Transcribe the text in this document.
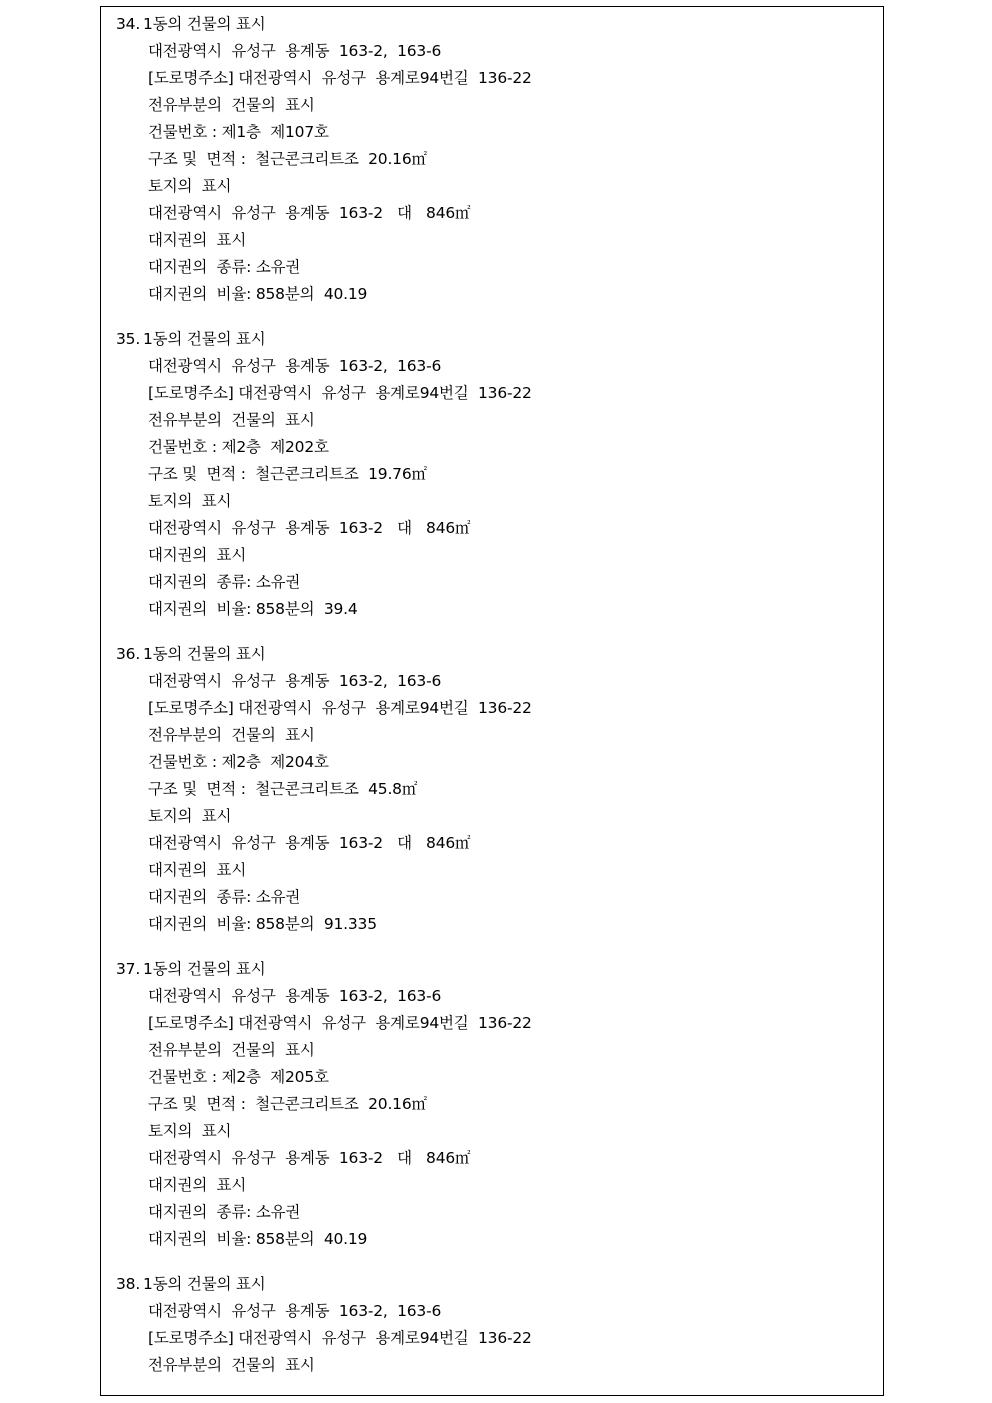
34. 1동의 건물의 표시
대전광역시  유성구  용계동  163-2,  163-6
[도로명주소] 대전광역시  유성구  용계로94번길  136-22
전유부분의  건물의  표시
건물번호 : 제1층  제107호
구조 및  면적 :  철근콘크리트조  20.16㎡
토지의  표시
대전광역시  유성구  용계동  163-2   대   846㎡
대지권의  표시
대지권의  종류: 소유권
대지권의  비율: 858분의  40.19
35. 1동의 건물의 표시
대전광역시  유성구  용계동  163-2,  163-6
[도로명주소] 대전광역시  유성구  용계로94번길  136-22
전유부분의  건물의  표시
건물번호 : 제2층  제202호
구조 및  면적 :  철근콘크리트조  19.76㎡
토지의  표시
대전광역시  유성구  용계동  163-2   대   846㎡
대지권의  표시
대지권의  종류: 소유권
대지권의  비율: 858분의  39.4
36. 1동의 건물의 표시
대전광역시  유성구  용계동  163-2,  163-6
[도로명주소] 대전광역시  유성구  용계로94번길  136-22
전유부분의  건물의  표시
건물번호 : 제2층  제204호
구조 및  면적 :  철근콘크리트조  45.8㎡
토지의  표시
대전광역시  유성구  용계동  163-2   대   846㎡
대지권의  표시
대지권의  종류: 소유권
대지권의  비율: 858분의  91.335
37. 1동의 건물의 표시
대전광역시  유성구  용계동  163-2,  163-6
[도로명주소] 대전광역시  유성구  용계로94번길  136-22
전유부분의  건물의  표시
건물번호 : 제2층  제205호
구조 및  면적 :  철근콘크리트조  20.16㎡
토지의  표시
대전광역시  유성구  용계동  163-2   대   846㎡
대지권의  표시
대지권의  종류: 소유권
대지권의  비율: 858분의  40.19
38. 1동의 건물의 표시
대전광역시  유성구  용계동  163-2,  163-6
[도로명주소] 대전광역시  유성구  용계로94번길  136-22
전유부분의  건물의  표시
